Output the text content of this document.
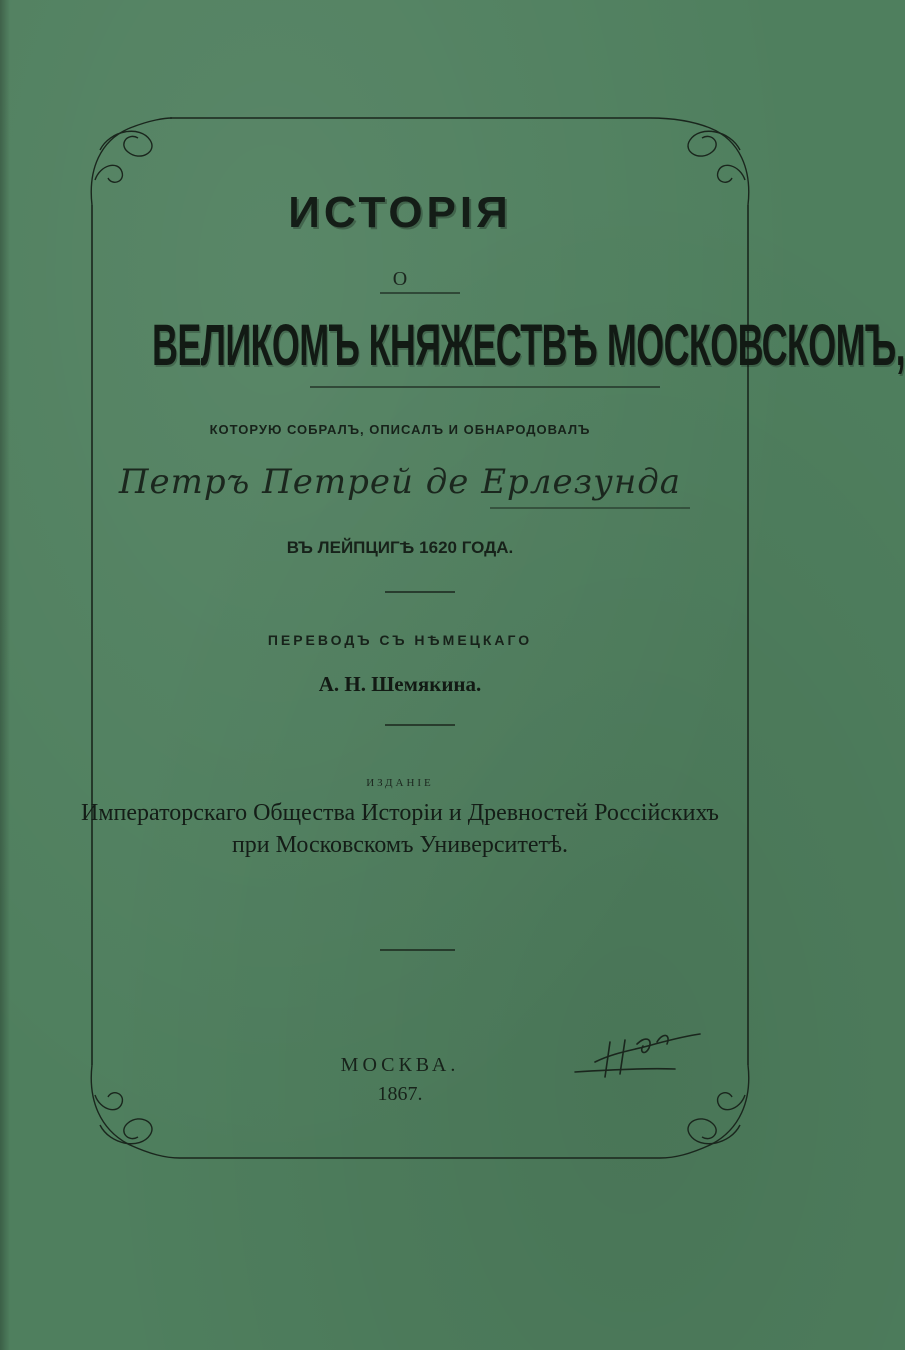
ИСТОРІЯ
О
ВЕЛИКОМЪ КНЯЖЕСТВѢ МОСКОВСКОМЪ,
КОТОРУЮ СОБРАЛЪ, ОПИСАЛЪ И ОБНАРОДОВАЛЪ
Петръ Петрей де Ерлезунда
ВЪ ЛЕЙПЦИГѢ 1620 ГОДА.
ПЕРЕВОДЪ СЪ НѢМЕЦКАГО
А. Н. Шемякина.
ИЗДАНІЕ
Императорскаго Общества Исторіи и Древностей Россійскихъ
при Московскомъ Университетѣ.
МОСКВА.
1867.
